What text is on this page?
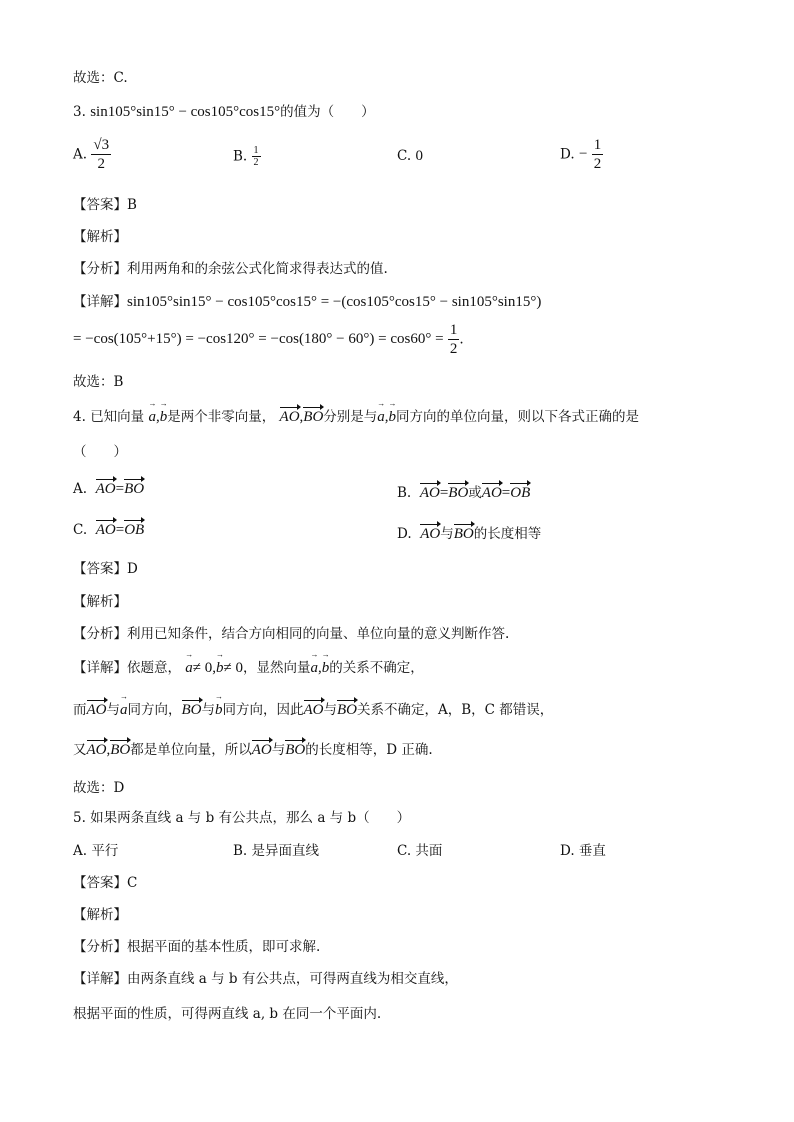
故选：C.
3. sin105°sin15° − cos105°cos15°的值为（　　）
A. $\frac{√3}{2}$	B. $\frac{1}{2}$	C. 0	D. − $\frac{1}{2}$
【答案】B
【解析】
【分析】利用两角和的余弦公式化简求得表达式的值.
【详解】sin105°sin15° − cos105°cos15° = −(cos105°cos15° − sin105°sin15°)
= $-\cos(105^\circ+15^\circ) = -\cos 120^\circ = -\cos(180^\circ - 60^\circ) = \cos 60^\circ = \frac{1}{2}$ .
故选：B
4. 已知向量 → a,→ b是两个非零向量， AO,BO分别是与→ a,→ b同方向的单位向量，则以下各式正确的是
（　　）
A. AO=BO	B. AO=BO或AO=OB
C. AO=OB	D. AO与BO的长度相等
【答案】D
【解析】
【分析】利用已知条件，结合方向相同的向量、单位向量的意义判断作答.
【详解】依题意， → a≠ 0,→ b≠ 0，显然向量→ a,→ b的关系不确定，
而AO与→ a同方向，BO与→ b同方向，因此AO与BO关系不确定，A，B，C 都错误，
又AO,BO都是单位向量，所以AO与BO的长度相等，D 正确.
故选：D
5. 如果两条直线 a 与 b 有公共点，那么 a 与 b（　　）
A. 平行	B. 是异面直线	C. 共面	D. 垂直
【答案】C
【解析】
【分析】根据平面的基本性质，即可求解.
【详解】由两条直线 a 与 b 有公共点，可得两直线为相交直线，
根据平面的性质，可得两直线 a, b 在同一个平面内.
